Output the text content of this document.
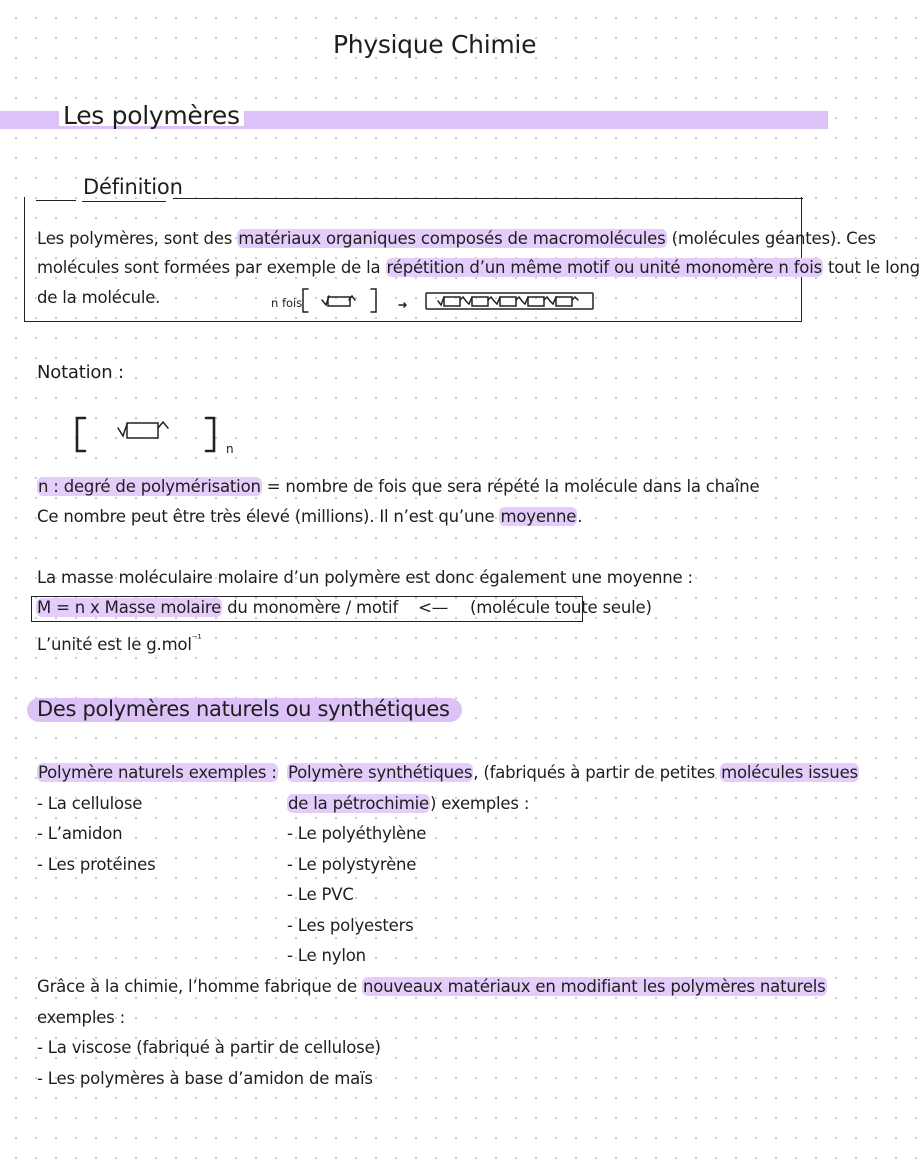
Physique Chimie
Les polymères
Définition
Les polymères, sont des matériaux organiques composés de macromolécules (molécules géantes). Ces
molécules sont formées par exemple de la répétition d’un même motif ou unité monomère n fois tout le long
de la molécule.	n fois
Notation :
n
n : degré de polymérisation = nombre de fois que sera répété la molécule dans la chaîne
Ce nombre peut être très élevé (millions). Il n’est qu’une moyenne.
La masse moléculaire molaire d’un polymère est donc également une moyenne :
M = n x Masse molaire du monomère / motif <— (molécule toute seule)
L’unité est le g.mol$^{^{-1}}$
Des polymères naturels ou synthétiques
Polymère naturels exemples :
- La cellulose
- L’amidon
- Les protéines
Polymère synthétiques, (fabriqués à partir de petites molécules issues
de la pétrochimie) exemples :
- Le polyéthylène
- Le polystyrène
- Le PVC
- Les polyesters
- Le nylon
Grâce à la chimie, l’homme fabrique de nouveaux matériaux en modifiant les polymères naturels
exemples :
- La viscose (fabriqué à partir de cellulose)
- Les polymères à base d’amidon de maïs
